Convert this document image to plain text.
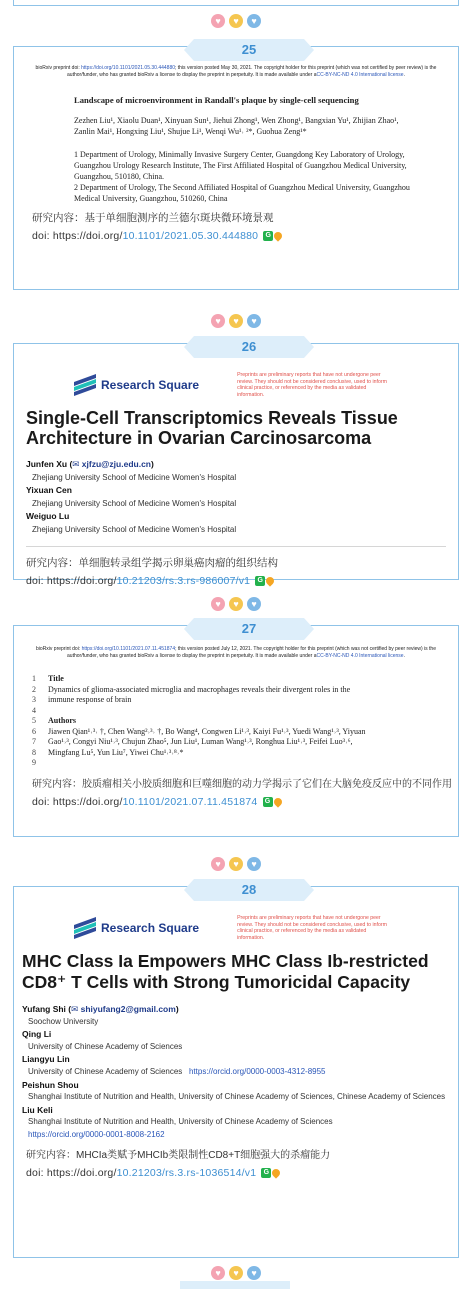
♥	♥	♥
25
bioRxiv preprint doi: https://doi.org/10.1101/2021.05.30.444880; this version posted May 30, 2021. The copyright holder for this preprint (which was not certified by peer review) is the author/funder, who has granted bioRxiv a license to display the preprint in perpetuity. It is made available under aCC-BY-NC-ND 4.0 International license.
Landscape of microenvironment in Randall's plaque by single-cell sequencing
Zezhen Liu¹, Xiaolu Duan¹, Xinyuan Sun¹, Jiehui Zhong¹, Wen Zhong¹, Bangxian Yu¹, Zhijian Zhao¹, Zanlin Mai¹, Hongxing Liu¹, Shujue Li¹, Wenqi Wu¹˒ ²*, Guohua Zeng¹*
1 Department of Urology, Minimally Invasive Surgery Center, Guangdong Key Laboratory of Urology, Guangzhou Urology Research Institute, The First Affiliated Hospital of Guangzhou Medical University, Guangzhou, 510180, China.
2 Department of Urology, The Second Affiliated Hospital of Guangzhou Medical University, Guangzhou Medical University, Guangzhou, 510260, China
研究内容：基于单细胞测序的兰德尔斑块微环境景观
doi: https://doi.org/10.1101/2021.05.30.444880 G
♥	♥	♥
26
Research Square
Preprints are preliminary reports that have not undergone peer review. They should not be considered conclusive, used to inform clinical practice, or referenced by the media as validated information.
Single-Cell Transcriptomics Reveals Tissue Architecture in Ovarian Carcinosarcoma
Junfen Xu (✉ xjfzu@zju.edu.cn)
Zhejiang University School of Medicine Women's Hospital
Yixuan Cen
Zhejiang University School of Medicine Women's Hospital
Weiguo Lu
Zhejiang University School of Medicine Women's Hospital
研究内容：单细胞转录组学揭示卵巢癌肉瘤的组织结构
doi: https://doi.org/10.21203/rs.3.rs-986007/v1 G
♥	♥	♥
27
bioRxiv preprint doi: https://doi.org/10.1101/2021.07.11.451874; this version posted July 12, 2021. The copyright holder for this preprint (which was not certified by peer review) is the author/funder, who has granted bioRxiv a license to display the preprint in perpetuity. It is made available under aCC-BY-NC-ND 4.0 International license.
1 Title
2 Dynamics of glioma-associated microglia and macrophages reveals their divergent roles in the
3 immune response of brain
4
5 Authors
6 Jiawen Qian¹˒³˒ †, Chen Wang²˒³˒ †, Bo Wang⁴, Congwen Li¹˒³, Kaiyi Fu¹˒³, Yuedi Wang¹˒³, Yiyuan
7 Gao¹˒³, Congyi Niu¹˒³, Chujun Zhao⁵, Jun Liu¹, Luman Wang¹˒³, Ronghua Liu¹˒³, Feifei Luo³˒⁶,
8 Mingfang Lu⁵, Yun Liu⁷, Yiwei Chu¹˒³˒⁸˒*
9
研究内容：胶质瘤相关小胶质细胞和巨噬细胞的动力学揭示了它们在大脑免疫反应中的不同作用
doi: https://doi.org/10.1101/2021.07.11.451874 G
♥	♥	♥
28
Research Square
Preprints are preliminary reports that have not undergone peer review. They should not be considered conclusive, used to inform clinical practice, or referenced by the media as validated information.
MHC Class Ia Empowers MHC Class Ib-restricted CD8⁺ T Cells with Strong Tumoricidal Capacity
Yufang Shi (✉ shiyufang2@gmail.com)
Soochow University
Qing Li
University of Chinese Academy of Sciences
Liangyu Lin
University of Chinese Academy of Sciences https://orcid.org/0000-0003-4312-8955
Peishun Shou
Shanghai Institute of Nutrition and Health, University of Chinese Academy of Sciences, Chinese Academy of Sciences
Liu Keli
Shanghai Institute of Nutrition and Health, University of Chinese Academy of Sciences
https://orcid.org/0000-0001-8008-2162
研究内容：MHCIa类赋予MHCIb类限制性CD8+T细胞强大的杀瘤能力
doi: https://doi.org/10.21203/rs.3.rs-1036514/v1 G
♥	♥	♥
